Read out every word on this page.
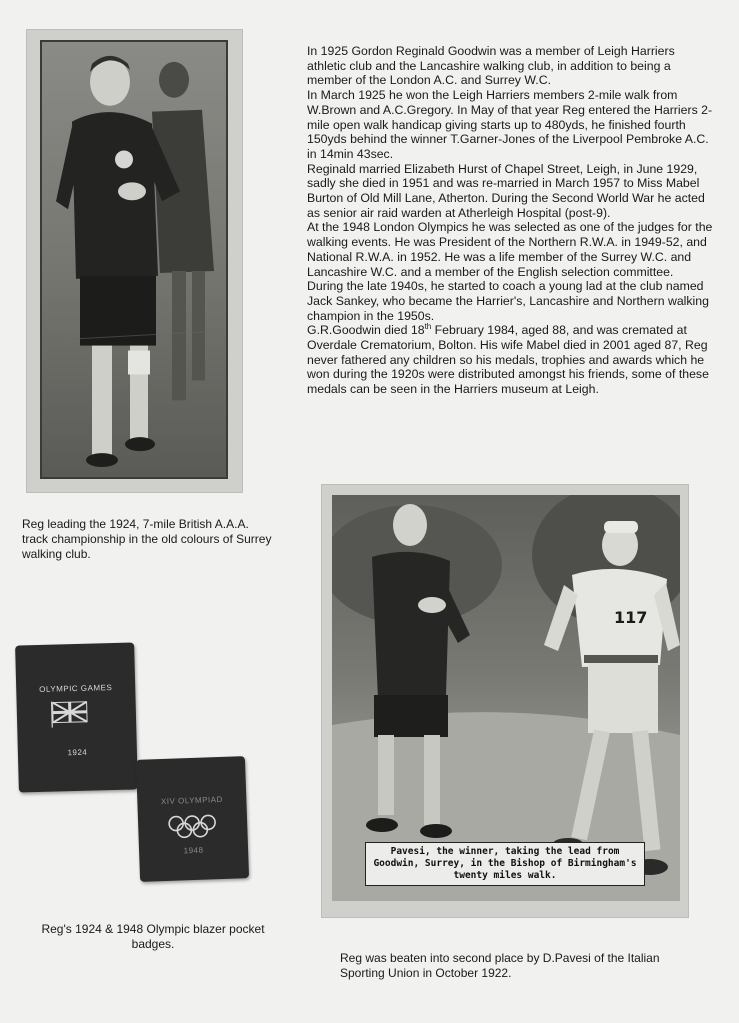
In 1925 Gordon Reginald Goodwin was a member of Leigh Harriers athletic club and the Lancashire walking club, in addition to being a member of the London A.C. and Surrey W.C.

In March 1925 he won the Leigh Harriers members 2-mile walk from W.Brown and A.C.Gregory. In May of that year Reg entered the Harriers 2-mile open walk handicap giving starts up to 480yds, he finished fourth 150yds behind the winner T.Garner-Jones of the Liverpool Pembroke A.C. in 14min 43sec.

Reginald married Elizabeth Hurst of Chapel Street, Leigh, in June 1929, sadly she died in 1951 and was re-married in March 1957 to Miss Mabel Burton of Old Mill Lane, Atherton. During the Second World War he acted as senior air raid warden at Atherleigh Hospital (post-9).

At the 1948 London Olympics he was selected as one of the judges for the walking events. He was President of the Northern R.W.A. in 1949-52, and National R.W.A. in 1952. He was a life member of the Surrey W.C. and Lancashire W.C. and a member of the English selection committee.

During the late 1940s, he started to coach a young lad at the club named Jack Sankey, who became the Harrier's, Lancashire and Northern walking champion in the 1950s.

G.R.Goodwin died 18th February 1984, aged 88, and was cremated at Overdale Crematorium, Bolton. His wife Mabel died in 2001 aged 87, Reg never fathered any children so his medals, trophies and awards which he won during the 1920s were distributed amongst his friends, some of these medals can be seen in the Harriers museum at Leigh.

Reg leading the 1924, 7-mile British A.A.A. track championship in the old colours of Surrey walking club.

OLYMPIC GAMES
1924
XIV OLYMPIAD
1948

Reg's 1924 & 1948 Olympic blazer pocket badges.

117
Pavesi, the winner, taking the lead from Goodwin, Surrey, in the Bishop of Birmingham's twenty miles walk.

Reg was beaten into second place by D.Pavesi of the Italian Sporting Union in October 1922.
